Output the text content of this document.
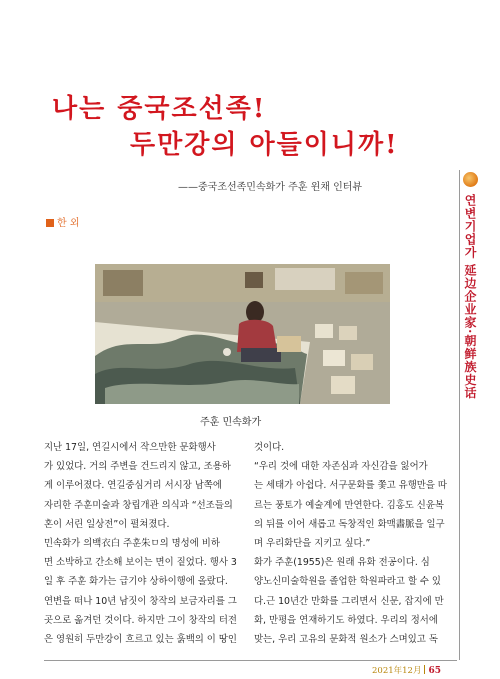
나는 중국조선족!
두만강의 아들이니까!
——중국조선족민속화가 주훈 윈채 인터뷰
연변기업가 延边企业家·朝鲜族史话
한 외
주훈 민속화가

지난 17일, 연길시에서 작으만한 문화행사

가 있었다. 거의 주변을 건드리지 않고, 조용하

게 이루어졌다. 연길중심거리 서시장 남쪽에

자리한 주훈미술과 창립개관 의식과 “선조들의

혼이 서린 일상전”이 펼쳐졌다.

민속화가 의백衣白 주훈朱ㅁ의 명성에 비하

면 소박하고 간소해 보이는 면이 짙었다. 행사 3

일 후 주훈 화가는 급기야 상하이행에 올랐다.

연변을 떠나 10년 남짓이 창작의 보금자리를 그

곳으로 옮겨던 것이다. 하지만 그이 창작의 터전

은 영원히 두만강이 흐르고 있는 훍백의 이 땅인

것이다.

“우리 것에 대한 자존심과 자신감을 잃어가

는 세태가 아쉽다. 서구문화를 쫓고 유행만을 따

르는 풍토가 예술계에 만연한다. 김홍도 신윤복

의 뒤를 이어 새롭고 독창적인 화맥畵脈을 일구

며 우리화단을 지키고 싶다.”

화가 주훈(1955)은 원래 유화 전공이다. 심

양노신미술학원을 졸업한 학원파라고 할 수 있

다.근 10년간 만화를 그리면서 신문, 잡지에 만

화, 만평을 연재하기도 하였다. 우리의 정서에

맞는, 우리 고유의 문화적 원소가 스며있고 독

2021年12月 65
